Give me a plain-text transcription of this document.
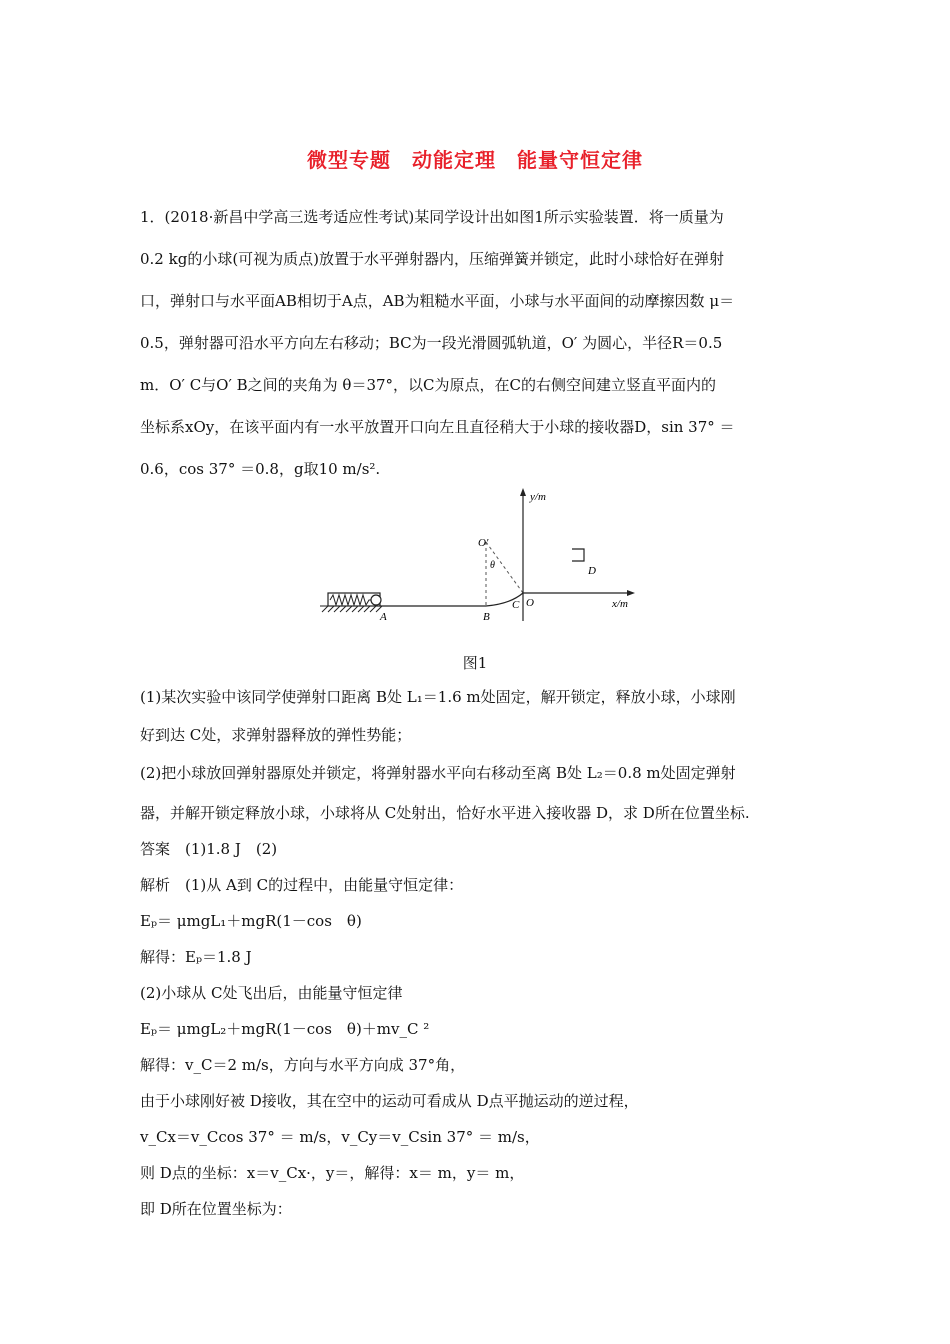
微型专题　动能定理　能量守恒定律
1．(2018·新昌中学高三选考适应性考试)某同学设计出如图1所示实验装置．将一质量为
0.2 kg的小球(可视为质点)放置于水平弹射器内，压缩弹簧并锁定，此时小球恰好在弹射
口，弹射口与水平面AB相切于A点，AB为粗糙水平面，小球与水平面间的动摩擦因数 μ＝
0.5，弹射器可沿水平方向左右移动；BC为一段光滑圆弧轨道，O′ 为圆心，半径R＝0.5
m．O′ C与O′ B之间的夹角为 θ＝37°，以C为原点，在C的右侧空间建立竖直平面内的
坐标系xOy，在该平面内有一水平放置开口向左且直径稍大于小球的接收器D，sin 37° ＝
0.6，cos 37° ＝0.8，g取10 m/s².
y/m
x/m
O′
θ	D
A	B
C O
图1
(1)某次实验中该同学使弹射口距离 B处 L₁＝1.6 m处固定，解开锁定，释放小球，小球刚
好到达 C处，求弹射器释放的弹性势能；
(2)把小球放回弹射器原处并锁定，将弹射器水平向右移动至离 B处 L₂＝0.8 m处固定弹射
器，并解开锁定释放小球，小球将从 C处射出，恰好水平进入接收器 D，求 D所在位置坐标.
答案　(1)1.8 J　(2)
解析　(1)从 A到 C的过程中，由能量守恒定律：
Eₚ＝ μmgL₁＋mgR(1－cos　θ)
解得：Eₚ＝1.8 J
(2)小球从 C处飞出后，由能量守恒定律
Eₚ＝ μmgL₂＋mgR(1－cos　θ)＋mv_C ²
解得：v_C＝2 m/s，方向与水平方向成 37°角，
由于小球刚好被 D接收，其在空中的运动可看成从 D点平抛运动的逆过程，
v_Cx＝v_Ccos 37° ＝ m/s，v_Cy＝v_Csin 37° ＝ m/s，
则 D点的坐标：x＝v_Cx·，y＝，解得：x＝ m，y＝ m，
即 D所在位置坐标为：
